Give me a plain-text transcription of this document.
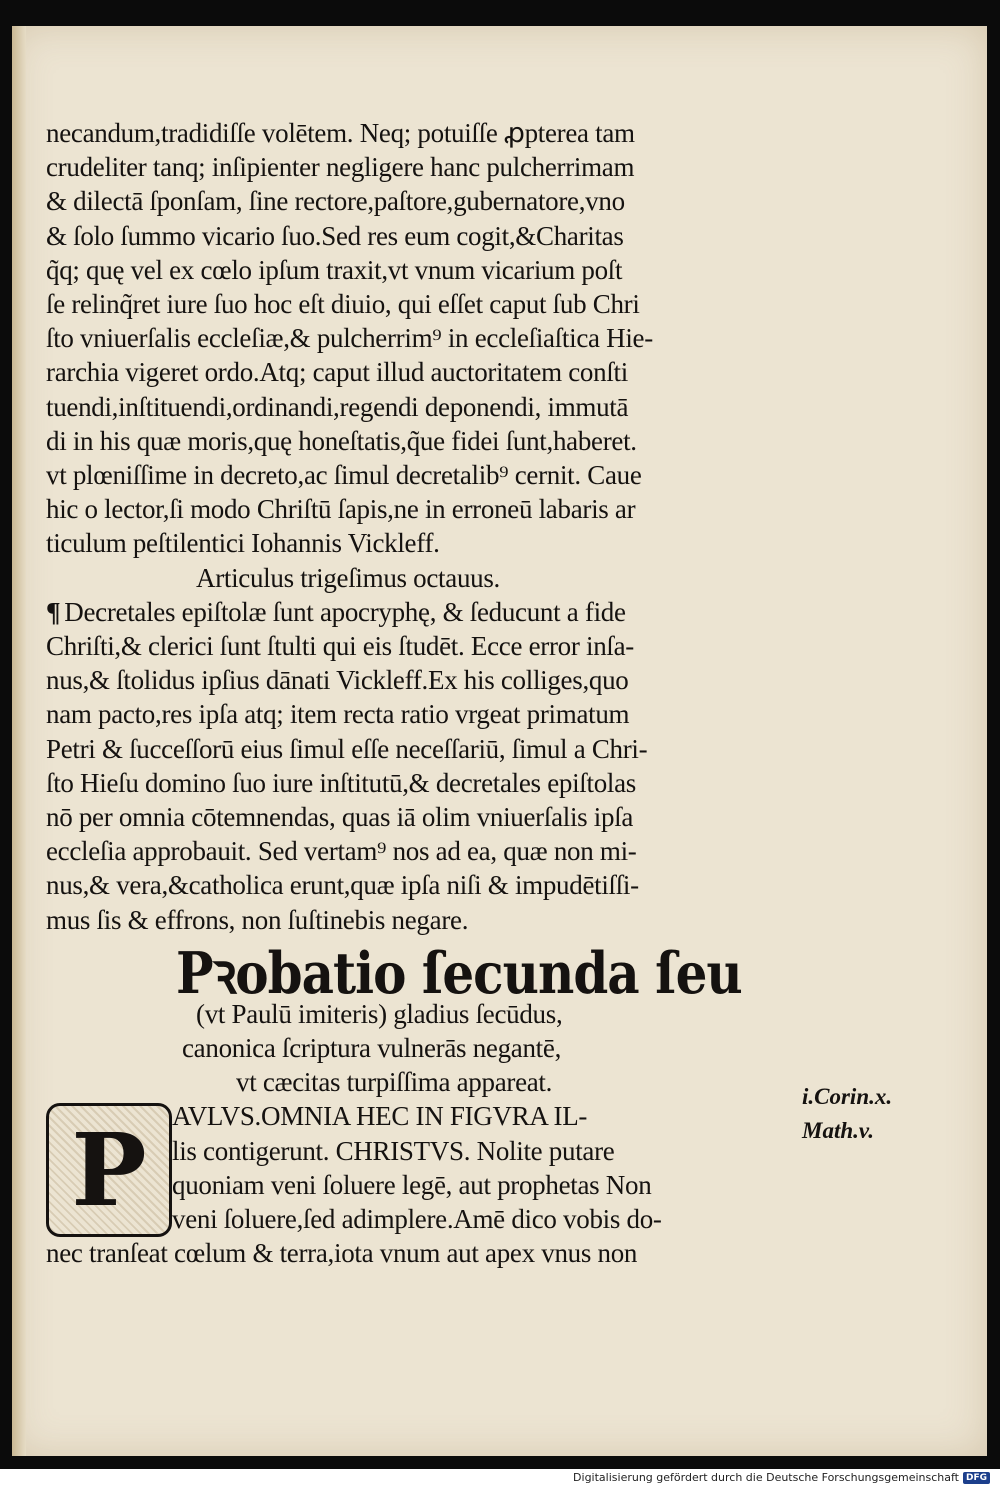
necandum,tradidiſſe volētem. Neq; potuiſſe ꝓpterea tam
crudeliter tanq; inſipienter negligere hanc pulcherrimam
& dilectā ſponſam, ſine rectore,paſtore,gubernatore,vno
& ſolo ſummo vicario ſuo.Sed res eum cogit,&Charitas
q̃q; quę vel ex cœlo ipſum traxit,vt vnum vicarium poſt
ſe relinq̃ret iure ſuo hoc eſt diuio, qui eſſet caput ſub Chri
ſto vniuerſalis eccleſiæ,& pulcherrim⁹ in eccleſiaſtica Hie-
rarchia vigeret ordo.Atq; caput illud auctoritatem conſti
tuendi,inſtituendi,ordinandi,regendi deponendi, immutā
di in his quæ moris,quę honeſtatis,q̃ue fidei ſunt,haberet.
vt plœniſſime in decreto,ac ſimul decretalib⁹ cernit. Caue
hic o lector,ſi modo Chriſtū ſapis,ne in erroneū labaris ar
ticulum peſtilentici Iohannis Vickleff.
Articulus trigeſimus octauus.
¶ Decretales epiſtolæ ſunt apocryphę, & ſeducunt a fide
Chriſti,& clerici ſunt ſtulti qui eis ſtudēt. Ecce error inſa-
nus,& ſtolidus ipſius dānati Vickleff.Ex his colliges,quo
nam pacto,res ipſa atq; item recta ratio vrgeat primatum
Petri & ſucceſſorū eius ſimul eſſe neceſſariū, ſimul a Chri-
ſto Hieſu domino ſuo iure inſtitutū,& decretales epiſtolas
nō per omnia cōtemnendas, quas iā olim vniuerſalis ipſa
eccleſia approbauit. Sed vertam⁹ nos ad ea, quæ non mi-
nus,& vera,&catholica erunt,quæ ipſa niſi & impudētiſſi-
mus ſis & effrons, non ſuſtinebis negare.
Pꝛobatio ſecunda ſeu
(vt Paulū imiteris) gladius ſecūdus,
canonica ſcriptura vulnerās negantē,
vt cæcitas turpiſſima appareat.
P AVLVS.OMNIA HEC IN FIGVRA IL-
lis contigerunt. CHRISTVS. Nolite putare
quoniam veni ſoluere legē, aut prophetas Non
veni ſoluere,ſed adimplere.Amē dico vobis do-
nec tranſeat cœlum & terra,iota vnum aut apex vnus non
i.Corin.x.
Math.v.
Digitalisierung gefördert durch die Deutsche Forschungsgemeinschaft DFG
